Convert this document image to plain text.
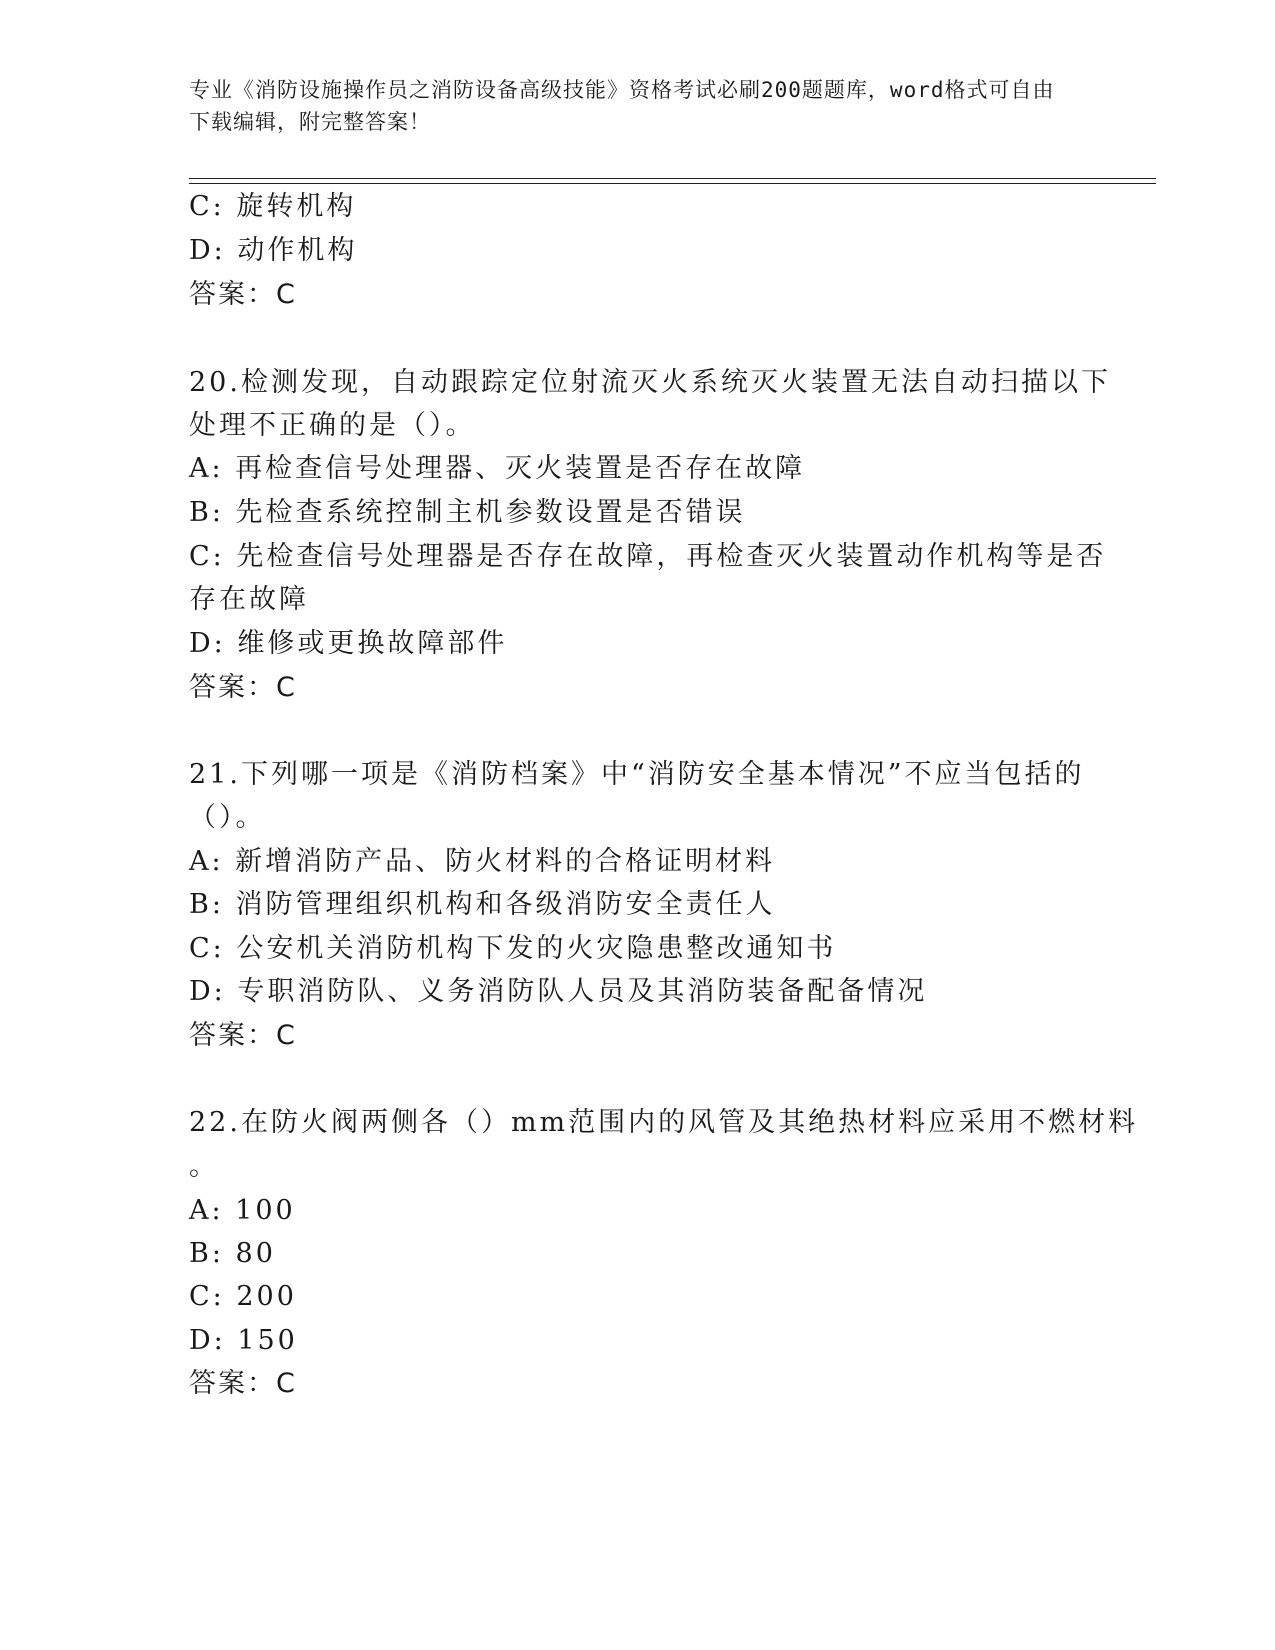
专业《消防设施操作员之消防设备高级技能》资格考试必刷200题题库，word格式可自由下载编辑，附完整答案！
C: 旋转机构
D: 动作机构
答案：C
20.检测发现，自动跟踪定位射流灭火系统灭火装置无法自动扫描以下
处理不正确的是（）。
A: 再检查信号处理器、灭火装置是否存在故障
B: 先检查系统控制主机参数设置是否错误
C: 先检查信号处理器是否存在故障，再检查灭火装置动作机构等是否
存在故障
D: 维修或更换故障部件
答案：C
21.下列哪一项是《消防档案》中“消防安全基本情况”不应当包括的
（）。
A: 新增消防产品、防火材料的合格证明材料
B: 消防管理组织机构和各级消防安全责任人
C: 公安机关消防机构下发的火灾隐患整改通知书
D: 专职消防队、义务消防队人员及其消防装备配备情况
答案：C
22.在防火阀两侧各（）mm范围内的风管及其绝热材料应采用不燃材料
。
A: 100
B: 80
C: 200
D: 150
答案：C
